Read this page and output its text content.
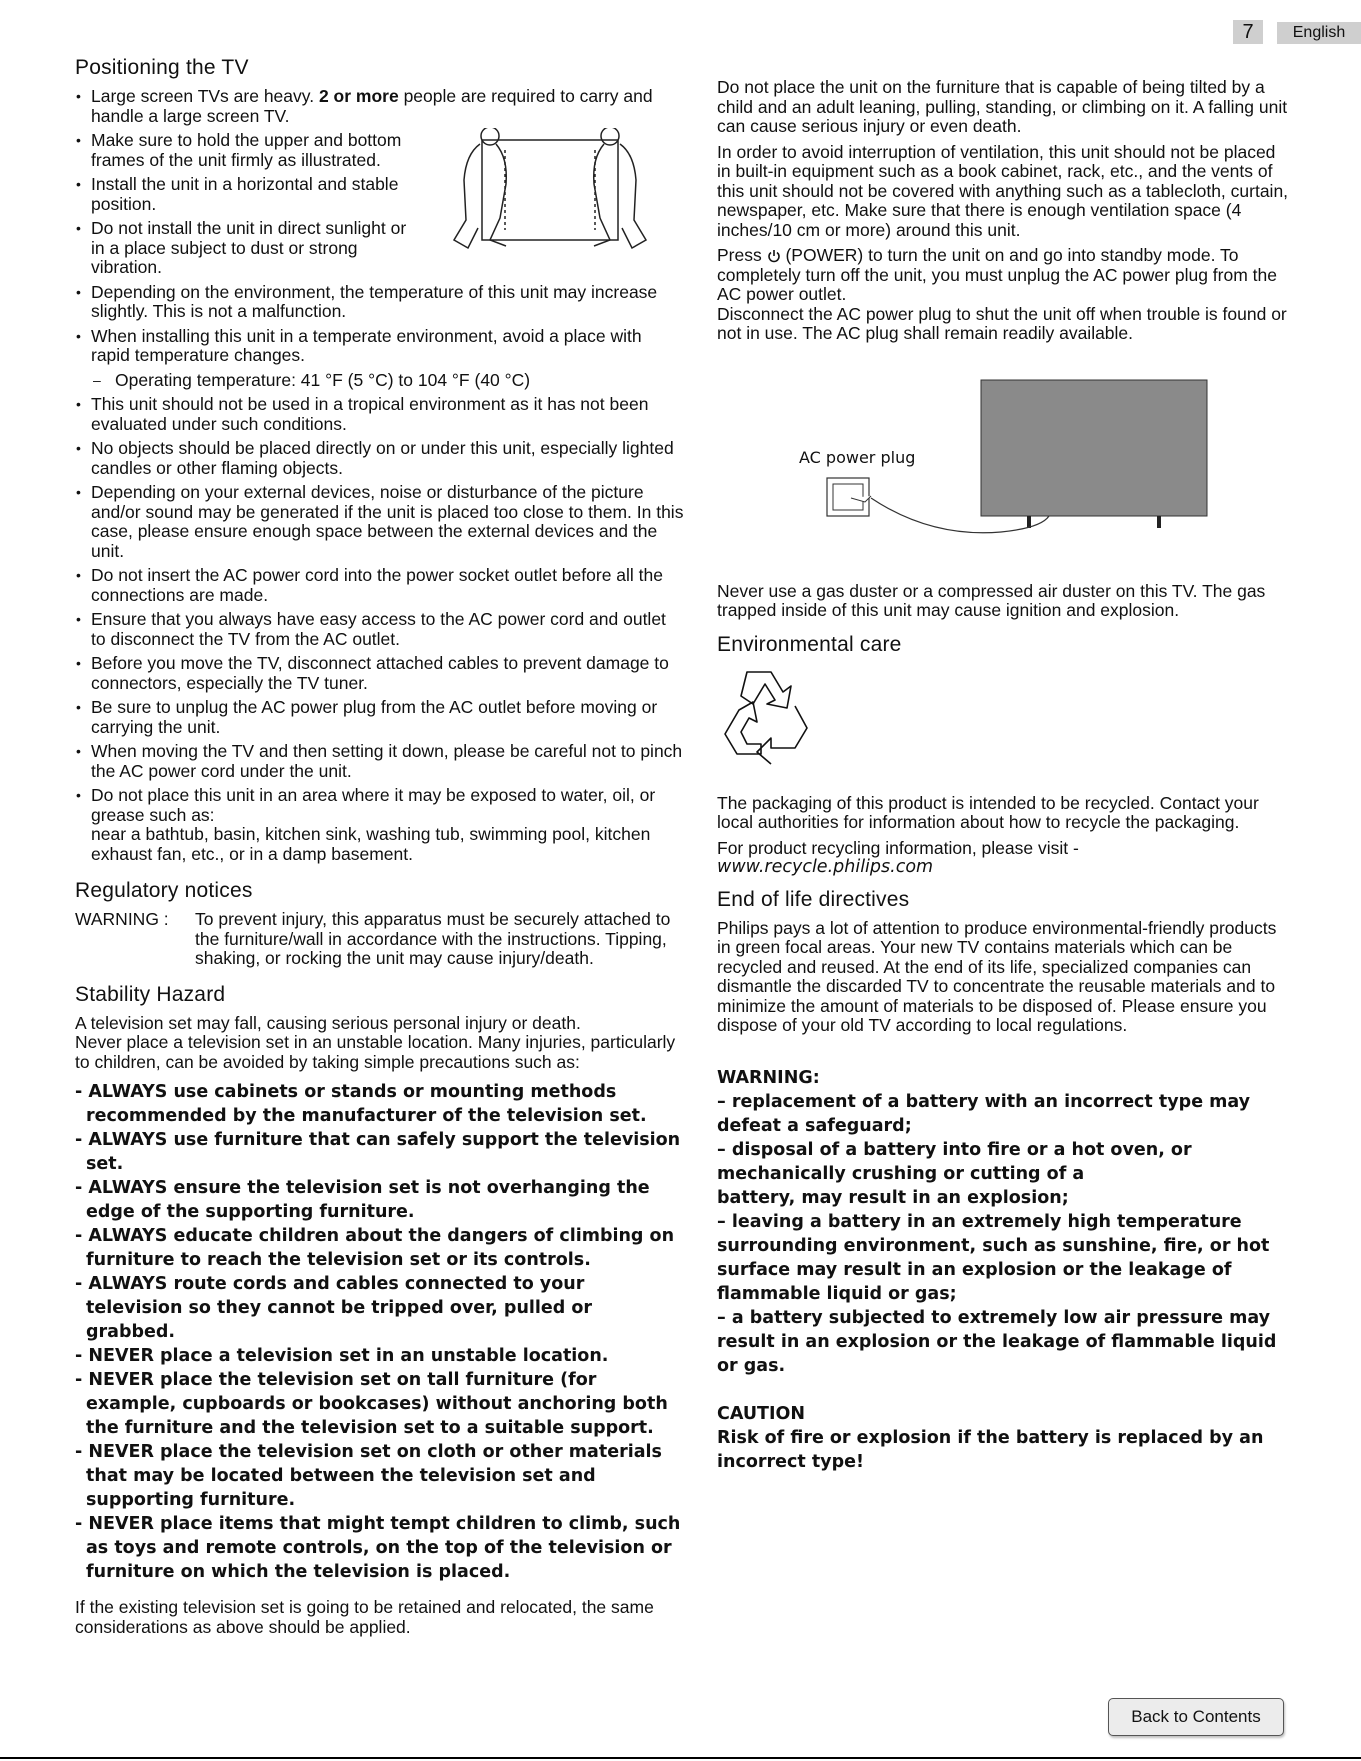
7	English
Positioning the TV
• Large screen TVs are heavy. 2 or more people are required to carry and handle a large screen TV.
• Make sure to hold the upper and bottom frames of the unit firmly as illustrated.
• Install the unit in a horizontal and stable position.
• Do not install the unit in direct sunlight or in a place subject to dust or strong vibration.
• Depending on the environment, the temperature of this unit may increase slightly. This is not a malfunction.
• When installing this unit in a temperate environment, avoid a place with rapid temperature changes.
– Operating temperature: 41 °F (5 °C) to 104 °F (40 °C)
• This unit should not be used in a tropical environment as it has not been evaluated under such conditions.
• No objects should be placed directly on or under this unit, especially lighted candles or other flaming objects.
• Depending on your external devices, noise or disturbance of the picture and/or sound may be generated if the unit is placed too close to them. In this case, please ensure enough space between the external devices and the unit.
• Do not insert the AC power cord into the power socket outlet before all the connections are made.
• Ensure that you always have easy access to the AC power cord and outlet to disconnect the TV from the AC outlet.
• Before you move the TV, disconnect attached cables to prevent damage to connectors, especially the TV tuner.
• Be sure to unplug the AC power plug from the AC outlet before moving or carrying the unit.
• When moving the TV and then setting it down, please be careful not to pinch the AC power cord under the unit.
• Do not place this unit in an area where it may be exposed to water, oil, or grease such as:
near a bathtub, basin, kitchen sink, washing tub, swimming pool, kitchen exhaust fan, etc., or in a damp basement.
Regulatory notices
WARNING :	To prevent injury, this apparatus must be securely attached to the furniture/wall in accordance with the instructions. Tipping, shaking, or rocking the unit may cause injury/death.
Stability Hazard

A television set may fall, causing serious personal injury or death.

Never place a television set in an unstable location. Many injuries, particularly to children, can be avoided by taking simple precautions such as:

- ALWAYS use cabinets or stands or mounting methods recommended by the manufacturer of the television set.
- ALWAYS use furniture that can safely support the television set.
- ALWAYS ensure the television set is not overhanging the edge of the supporting furniture.
- ALWAYS educate children about the dangers of climbing on furniture to reach the television set or its controls.
- ALWAYS route cords and cables connected to your television so they cannot be tripped over, pulled or grabbed.
- NEVER place a television set in an unstable location.
- NEVER place the television set on tall furniture (for example, cupboards or bookcases) without anchoring both the furniture and the television set to a suitable support.
- NEVER place the television set on cloth or other materials that may be located between the television set and supporting furniture.
- NEVER place items that might tempt children to climb, such as toys and remote controls, on the top of the television or furniture on which the television is placed.

If the existing television set is going to be retained and relocated, the same considerations as above should be applied.

Do not place the unit on the furniture that is capable of being tilted by a child and an adult leaning, pulling, standing, or climbing on it. A falling unit can cause serious injury or even death.

In order to avoid interruption of ventilation, this unit should not be placed in built-in equipment such as a book cabinet, rack, etc., and the vents of this unit should not be covered with anything such as a tablecloth, curtain, newspaper, etc. Make sure that there is enough ventilation space (4 inches/10 cm or more) around this unit.

Press  (POWER) to turn the unit on and go into standby mode. To completely turn off the unit, you must unplug the AC power plug from the AC power outlet.

Disconnect the AC power plug to shut the unit off when trouble is found or not in use. The AC plug shall remain readily available.

AC power plug

Never use a gas duster or a compressed air duster on this TV. The gas trapped inside of this unit may cause ignition and explosion.

Environmental care

The packaging of this product is intended to be recycled. Contact your local authorities for information about how to recycle the packaging.

For product recycling information, please visit -

www.recycle.philips.com

End of life directives

Philips pays a lot of attention to produce environmental-friendly products in green focal areas. Your new TV contains materials which can be recycled and reused. At the end of its life, specialized companies can dismantle the discarded TV to concentrate the reusable materials and to minimize the amount of materials to be disposed of. Please ensure you dispose of your old TV according to local regulations.

WARNING:

– replacement of a battery with an incorrect type may defeat a safeguard;

– disposal of a battery into fire or a hot oven, or mechanically crushing or cutting of a

battery, may result in an explosion;

– leaving a battery in an extremely high temperature surrounding environment, such as sunshine, fire, or hot surface may result in an explosion or the leakage of flammable liquid or gas;

– a battery subjected to extremely low air pressure may result in an explosion or the leakage of flammable liquid or gas.

CAUTION

Risk of fire or explosion if the battery is replaced by an incorrect type!

Back to Contents
